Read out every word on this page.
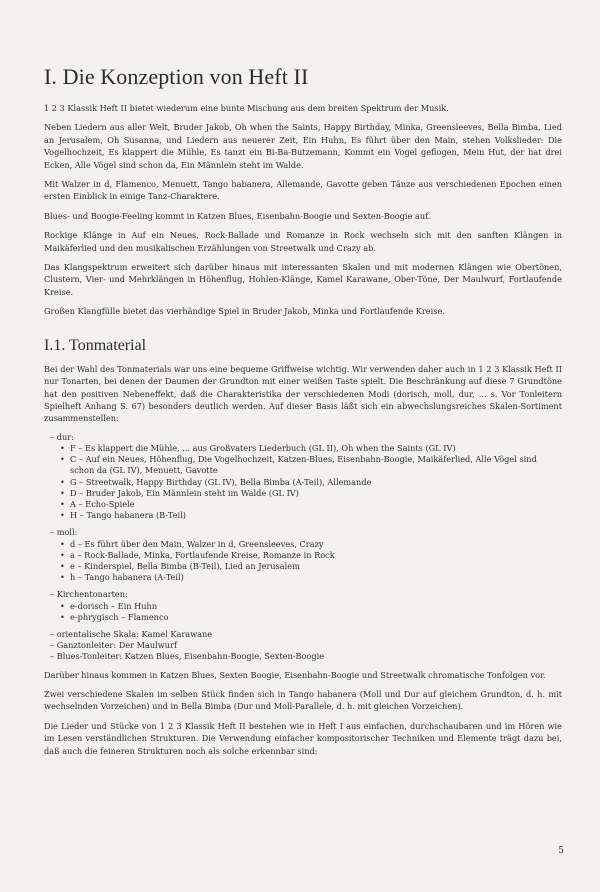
I. Die Konzeption von Heft II

1 2 3 Klassik Heft II bietet wiederum eine bunte Mischung aus dem breiten Spektrum der Musik.

Neben Liedern aus aller Welt, Bruder Jakob, Oh when the Saints, Happy Birthday, Minka, Greensleeves, Bella Bimba, Lied an Jerusalem, Oh Susanna, und Liedern aus neuerer Zeit, Ein Huhn, Es führt über den Main, stehen Volkslieder: Die Vogelhochzeit, Es klappert die Mühle, Es tanzt ein Bi-Ba-Butzemann, Kommt ein Vogel geflogen, Mein Hut, der hat drei Ecken, Alle Vögel sind schon da, Ein Männlein steht im Walde.

Mit Walzer in d, Flamenco, Menuett, Tango habanera, Allemande, Gavotte geben Tänze aus verschiedenen Epochen einen ersten Einblick in einige Tanz-Charaktere.

Blues- und Boogie-Feeling kommt in Katzen Blues, Eisenbahn-Boogie und Sexten-Boogie auf.

Rockige Klänge in Auf ein Neues, Rock-Ballade und Romanze in Rock wechseln sich mit den sanften Klängen in Maikäferlied und den musikalischen Erzählungen von Streetwalk und Crazy ab.

Das Klangspektrum erweitert sich darüber hinaus mit interessanten Skalen und mit modernen Klängen wie Obertönen, Clustern, Vier- und Mehrklängen in Höhenflug, Hohlen-Klänge, Kamel Karawane, Ober-Töne, Der Maulwurf, Fortlaufende Kreise.

Großen Klangfülle bietet das vierhändige Spiel in Bruder Jakob, Minka und Fortlaufende Kreise.

I.1. Tonmaterial

Bei der Wahl des Tonmaterials war uns eine bequeme Griffweise wichtig. Wir verwenden daher auch in 1 2 3 Klassik Heft II nur Tonarten, bei denen der Daumen der Grundton mit einer weißen Taste spielt. Die Beschränkung auf diese 7 Grundtöne hat den positiven Nebeneffekt, daß die Charakteristika der verschiedenen Modi (dorisch, moll, dur, ... s. Vor Tonleitern Spielheft Anhang S. 67) besonders deutlich werden. Auf dieser Basis läßt sich ein abwechslungsreiches Skalen-Sortiment zusammenstellen:

– dur:
• F – Es klappert die Mühle, ... aus Großvaters Liederbuch (GL II), Oh when the Saints (GL IV)
• C – Auf ein Neues, Höhenflug, Die Vogelhochzeit, Katzen-Blues, Eisenbahn-Boogie, Maikäferlied, Alle Vögel sind schon da (GL IV), Menuett, Gavotte
• G – Streetwalk, Happy Birthday (GL IV), Bella Bimba (A-Teil), Allemande
• D – Bruder Jakob, Ein Männlein steht im Walde (GL IV)
• A – Echo-Spiele
• H – Tango habanera (B-Teil)
– moll:
• d – Es führt über den Main, Walzer in d, Greensleeves, Crazy
• a – Rock-Ballade, Minka, Fortlaufende Kreise, Romanze in Rock
• e – Kinderspiel, Bella Bimba (B-Teil), Lied an Jerusalem
• h – Tango habanera (A-Teil)
– Kirchentonarten:
• e-dorisch – Ein Huhn
• e-phrygisch – Flamenco
– orientalische Skala: Kamel Karawane
– Ganztonleiter: Der Maulwurf
– Blues-Tonleiter: Katzen Blues, Eisenbahn-Boogie, Sexten-Boogie

Darüber hinaus kommen in Katzen Blues, Sexten Boogie, Eisenbahn-Boogie und Streetwalk chromatische Tonfolgen vor.

Zwei verschiedene Skalen im selben Stück finden sich in Tango habanera (Moll und Dur auf gleichem Grundton, d. h. mit wechselnden Vorzeichen) und in Bella Bimba (Dur und Moll-Parallele, d. h. mit gleichen Vorzeichen).

Die Lieder und Stücke von 1 2 3 Klassik Heft II bestehen wie in Heft I aus einfachen, durchschaubaren und im Hören wie im Lesen verständlichen Strukturen. Die Verwendung einfacher kompositorischer Techniken und Elemente trägt dazu bei, daß auch die feineren Strukturen noch als solche erkennbar sind:

5
